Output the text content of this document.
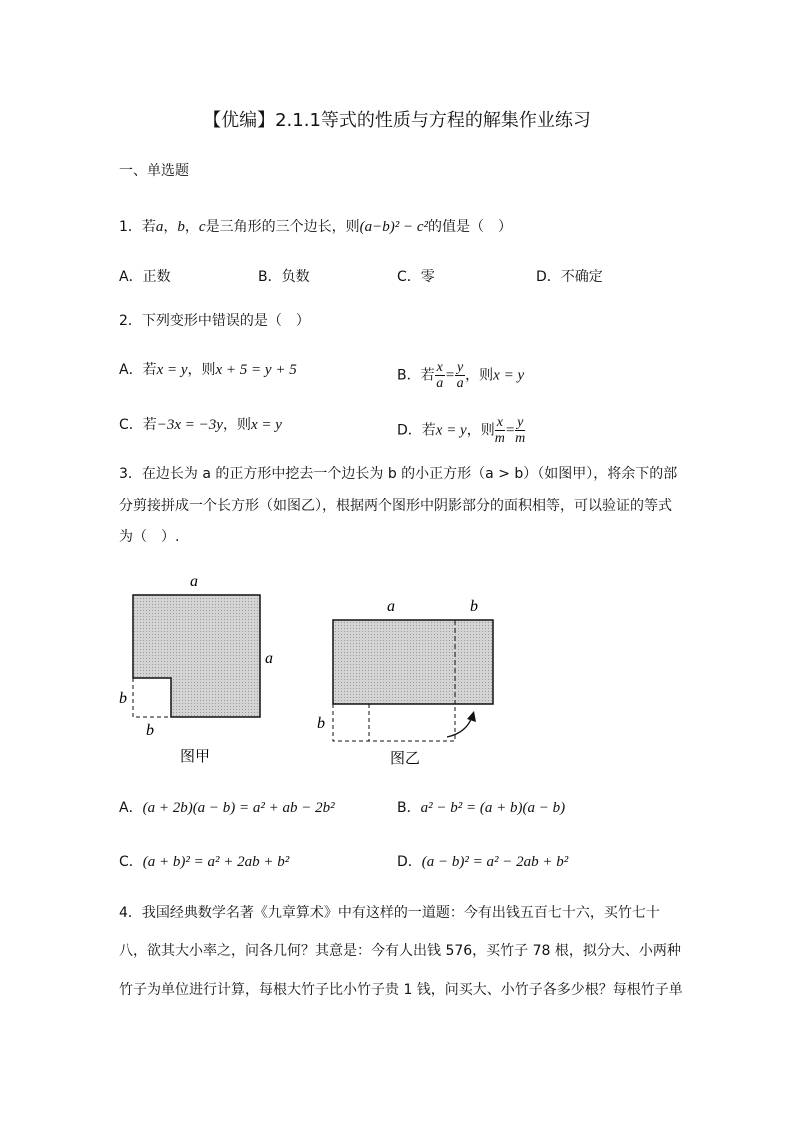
【优编】2.1.1等式的性质与方程的解集作业练习
一、单选题
1．若a，b，c是三角形的三个边长，则(a−b)² − c²的值是（　）
A．正数	B．负数	C．零	D．不确定
2．下列变形中错误的是（　）
A．若x = y，则x + 5 = y + 5	B．若 $\frac{x}{a} = \frac{y}{a}$ ，则x = y
C．若−3x = −3y，则x = y	D．若x = y，则 $\frac{x}{m} = \frac{y}{m}$
3．在边长为 a 的正方形中挖去一个边长为 b 的小正方形（a > b）（如图甲），将余下的部
分剪接拼成一个长方形（如图乙），根据两个图形中阴影部分的面积相等，可以验证的等式
为（　）.
a
a
b
b
图甲
a	b
b
图乙
A．(a + 2b)(a − b) = a² + ab − 2b²	B．a² − b² = (a + b)(a − b)
C．(a + b)² = a² + 2ab + b²	D．(a − b)² = a² − 2ab + b²
4．我国经典数学名著《九章算术》中有这样的一道题：今有出钱五百七十六，买竹七十
八，欲其大小率之，问各几何？其意是：今有人出钱 576，买竹子 78 根，拟分大、小两种
竹子为单位进行计算，每根大竹子比小竹子贵 1 钱，问买大、小竹子各多少根？每根竹子单
